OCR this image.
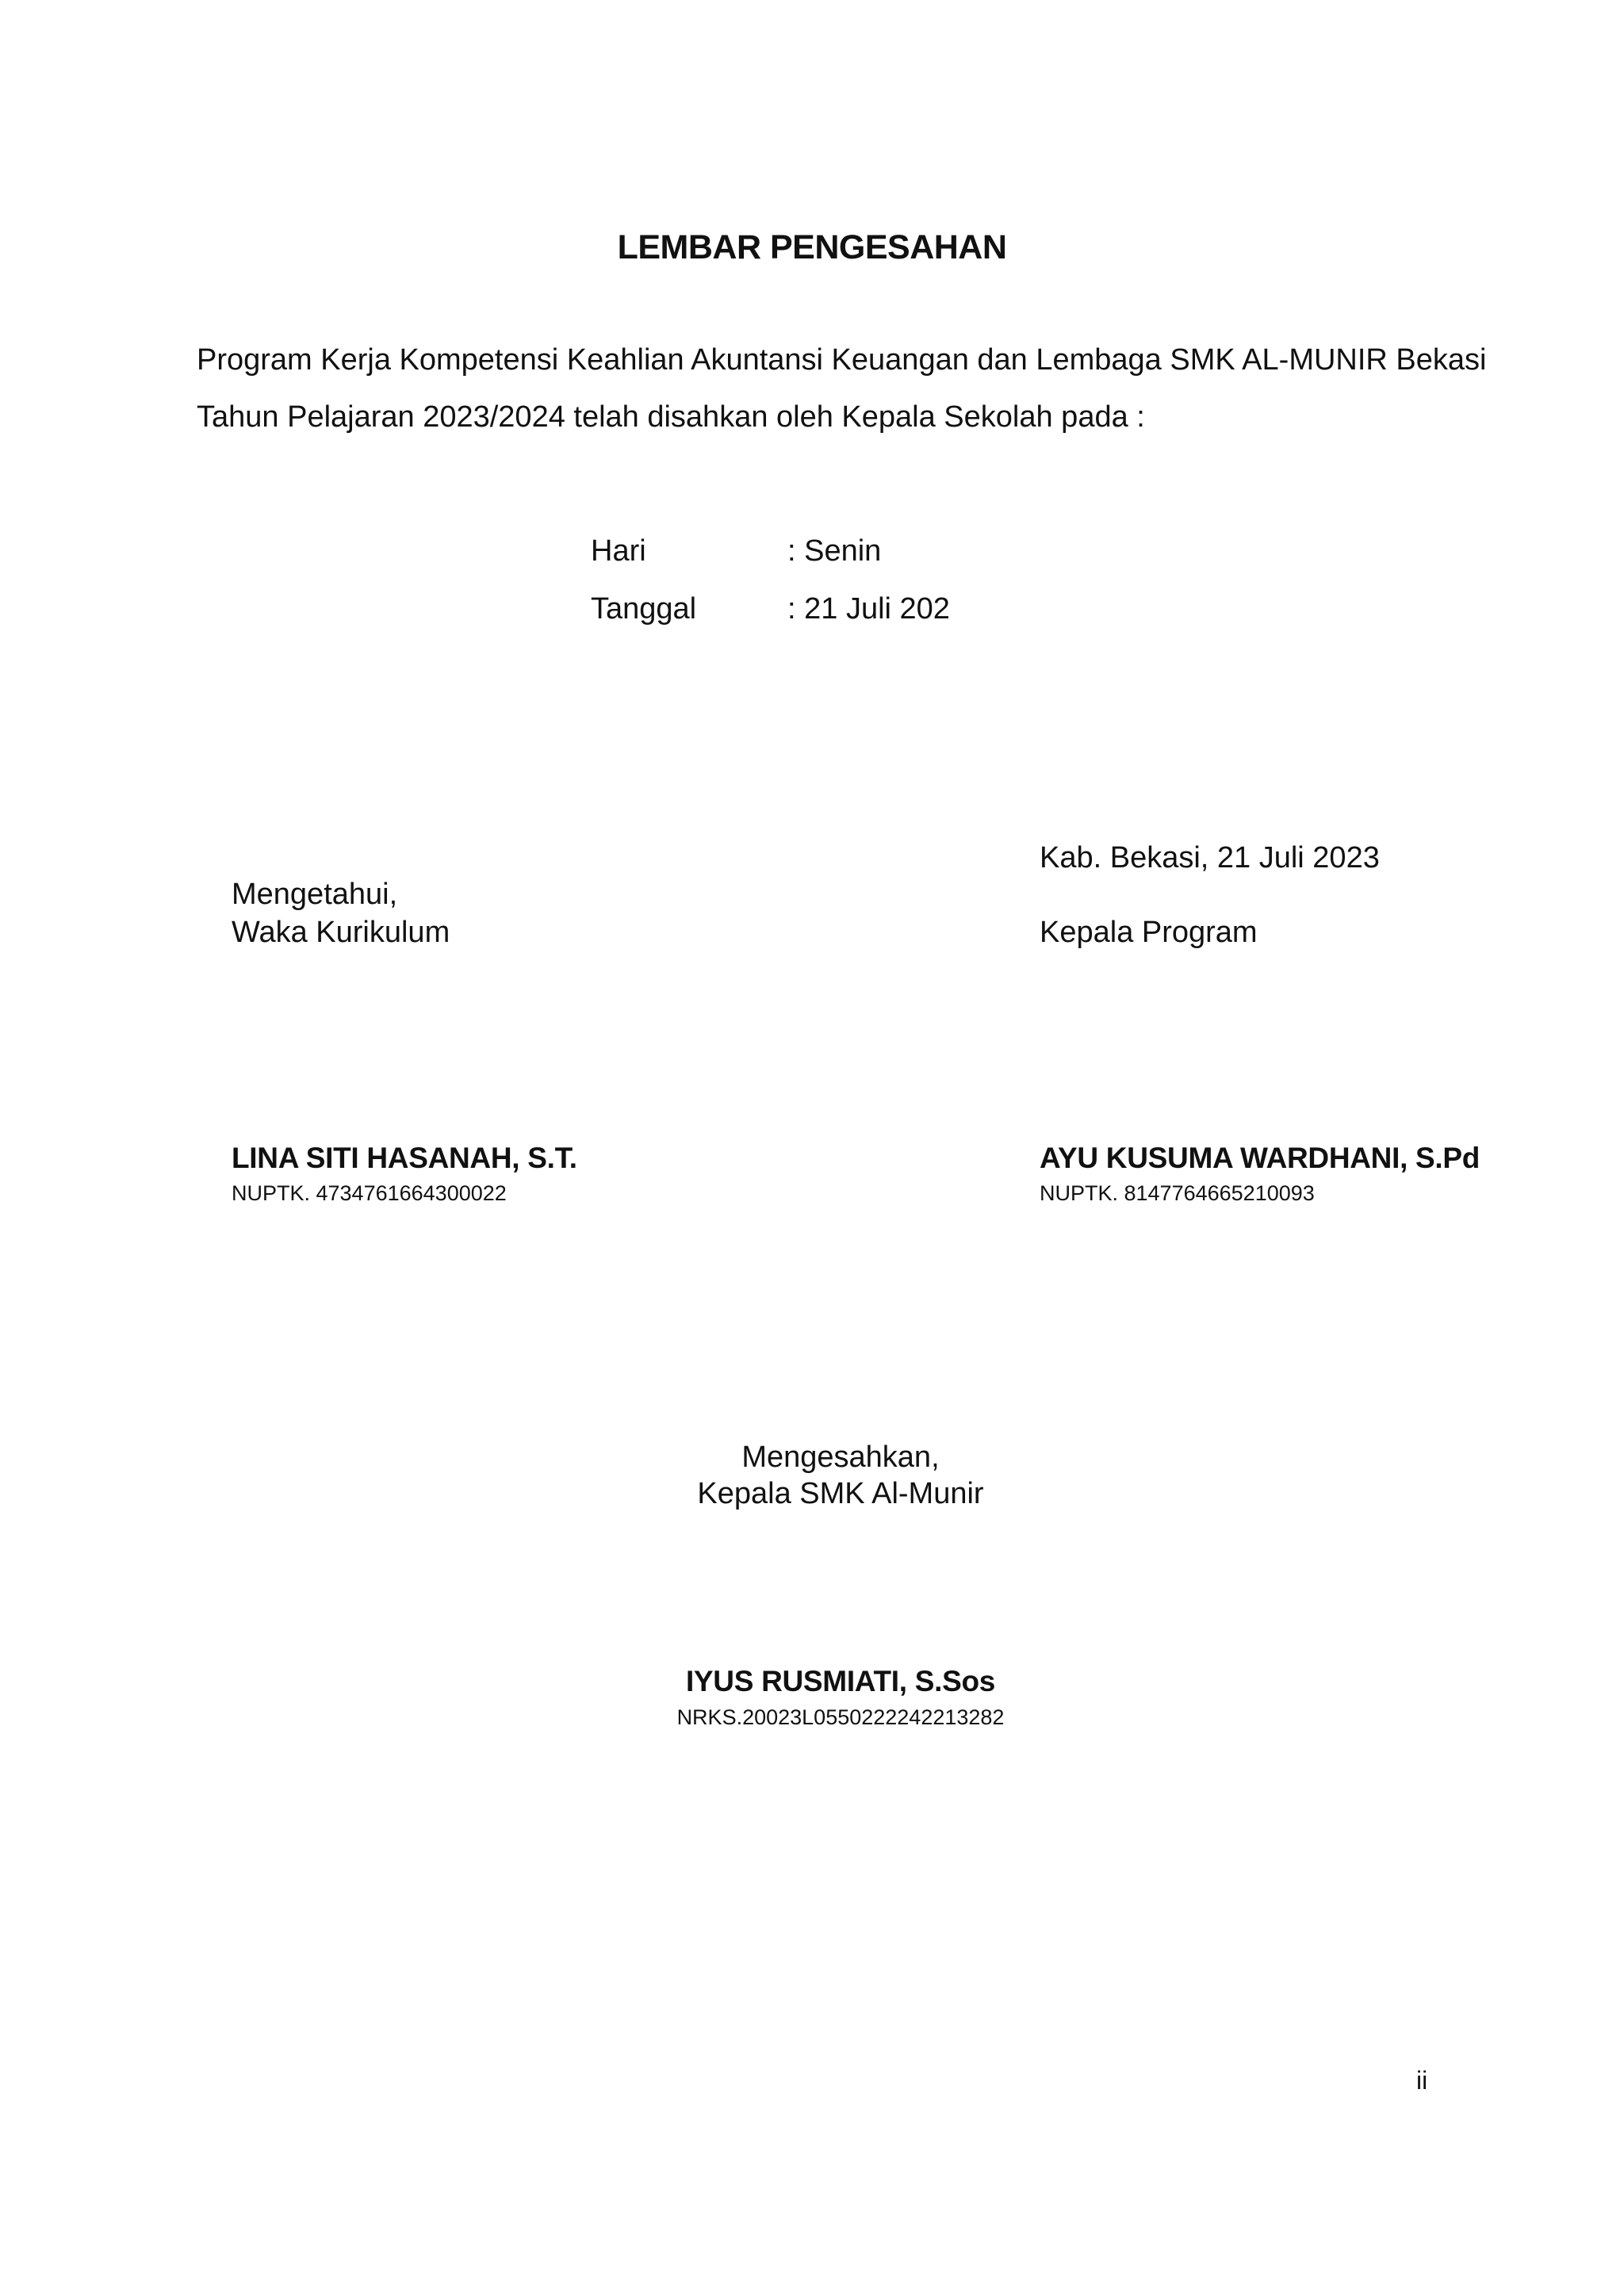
LEMBAR PENGESAHAN
Program Kerja Kompetensi Keahlian Akuntansi Keuangan dan Lembaga SMK AL-MUNIR Bekasi
Tahun Pelajaran 2023/2024 telah disahkan oleh Kepala Sekolah pada :
Hari	: Senin
Tanggal	: 21 Juli 202
Mengetahui,
Waka Kurikulum
LINA SITI HASANAH, S.T.
NUPTK. 4734761664300022
Kab. Bekasi, 21 Juli 2023
Kepala Program
AYU KUSUMA WARDHANI, S.Pd
NUPTK. 8147764665210093
Mengesahkan,
Kepala SMK Al-Munir
IYUS RUSMIATI, S.Sos
NRKS.20023L0550222242213282
ii
